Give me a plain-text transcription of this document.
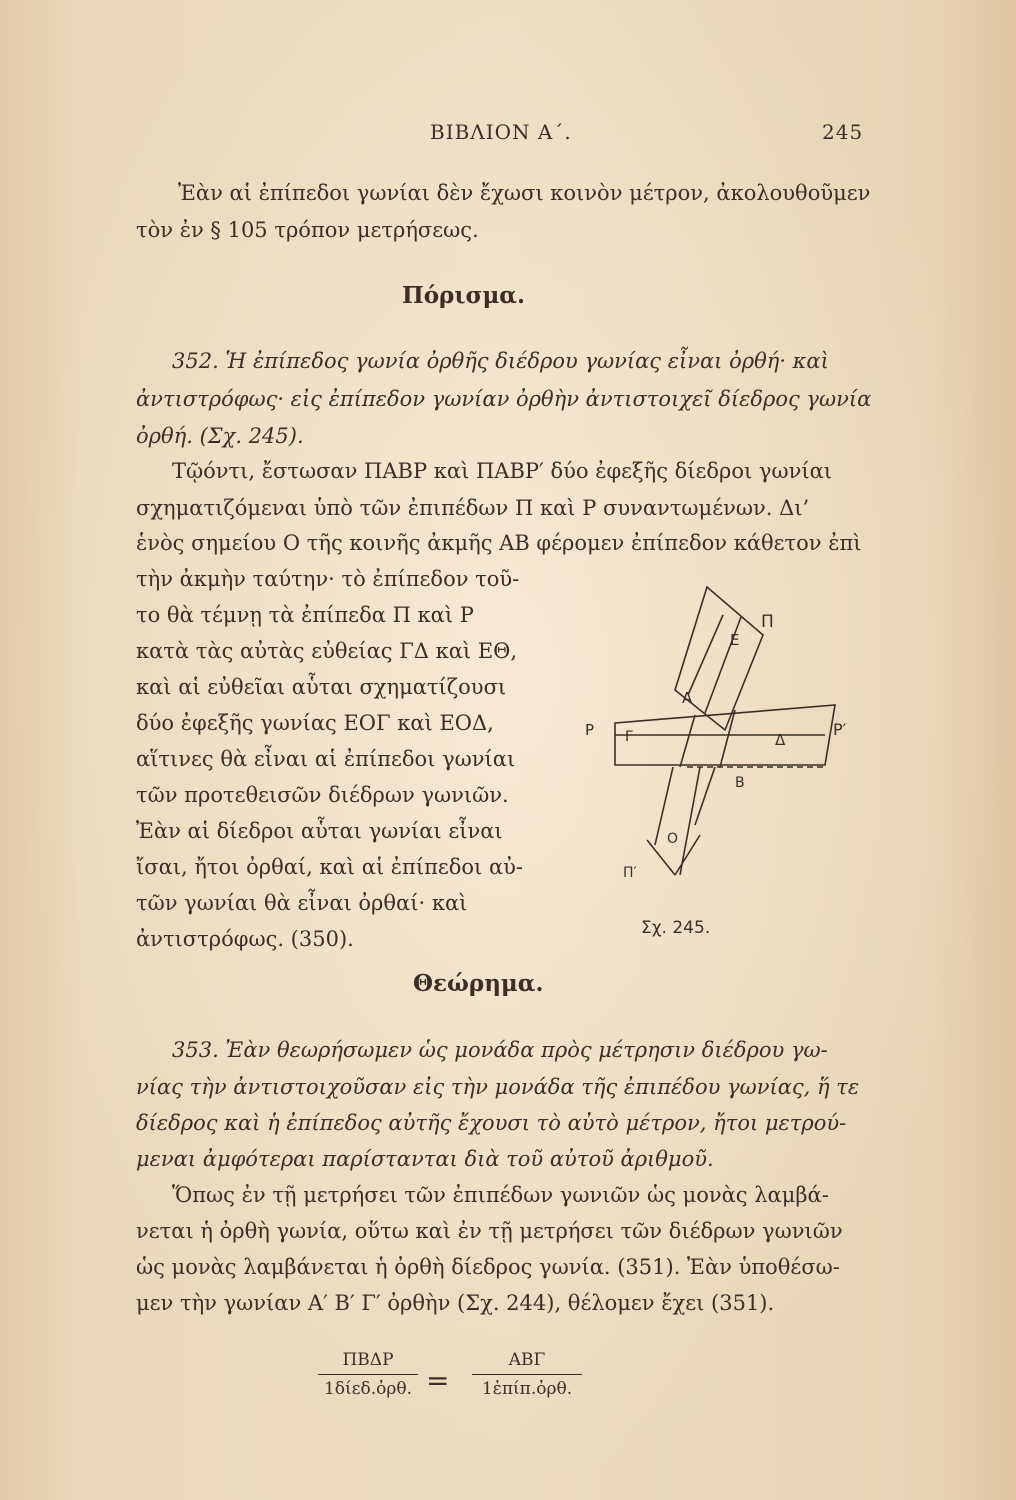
ΒΙΒΛΙΟΝ Α΄.	245
Ἐὰν αἱ ἐπίπεδοι γωνίαι δὲν ἔχωσι κοινὸν μέτρον, ἀκολουθοῦμεν
τὸν ἐν § 105 τρόπον μετρήσεως.
Πόρισμα.
352. Ἡ ἐπίπεδος γωνία ὀρθῆς διέδρου γωνίας εἶναι ὀρθή· καὶ
ἀντιστρόφως· εἰς ἐπίπεδον γωνίαν ὀρθὴν ἀντιστοιχεῖ δίεδρος γωνία
ὀρθή. (Σχ. 245).
Τῷόντι, ἔστωσαν ΠΑΒΡ καὶ ΠΑΒΡ′ δύο ἐφεξῆς δίεδροι γωνίαι
σχηματιζόμεναι ὑπὸ τῶν ἐπιπέδων Π καὶ Ρ συναντωμένων. Δι’
ἑνὸς σημείου Ο τῆς κοινῆς ἀκμῆς ΑΒ φέρομεν ἐπίπεδον κάθετον ἐπὶ
τὴν ἀκμὴν ταύτην· τὸ ἐπίπεδον τοῦ-
το θὰ τέμνῃ τὰ ἐπίπεδα Π καὶ Ρ
κατὰ τὰς αὐτὰς εὐθείας ΓΔ καὶ ΕΘ,
καὶ αἱ εὐθεῖαι αὗται σχηματίζουσι
δύο ἐφεξῆς γωνίας ΕΟΓ καὶ ΕΟΔ,
αἵτινες θὰ εἶναι αἱ ἐπίπεδοι γωνίαι
τῶν προτεθεισῶν διέδρων γωνιῶν.
Ἐὰν αἱ δίεδροι αὗται γωνίαι εἶναι
ἴσαι, ἤτοι ὀρθαί, καὶ αἱ ἐπίπεδοι αὐ-
τῶν γωνίαι θὰ εἶναι ὀρθαί· καὶ
ἀντιστρόφως. (350).
Π
Ε
Α
Ρ Γ	Δ
Ρ′
Β
Ο
Π′
Σχ. 245.
Θεώρημα.
353. Ἐὰν θεωρήσωμεν ὡς μονάδα πρὸς μέτρησιν διέδρου γω-
νίας τὴν ἀντιστοιχοῦσαν εἰς τὴν μονάδα τῆς ἐπιπέδου γωνίας, ἥ τε
δίεδρος καὶ ἡ ἐπίπεδος αὐτῆς ἔχουσι τὸ αὐτὸ μέτρον, ἤτοι μετρού-
μεναι ἀμφότεραι παρίστανται διὰ τοῦ αὐτοῦ ἀριθμοῦ.
Ὅπως ἐν τῇ μετρήσει τῶν ἐπιπέδων γωνιῶν ὡς μονὰς λαμβά-
νεται ἡ ὀρθὴ γωνία, οὕτω καὶ ἐν τῇ μετρήσει τῶν διέδρων γωνιῶν
ὡς μονὰς λαμβάνεται ἡ ὀρθὴ δίεδρος γωνία. (351). Ἐὰν ὑποθέσω-
μεν τὴν γωνίαν Α′ Β′ Γ′ ὀρθὴν (Σχ. 244), θέλομεν ἔχει (351).
ΠΒΔΡ
1δίεδ.ὀρθ. =
ΑΒΓ
1ἐπίπ.ὀρθ.
